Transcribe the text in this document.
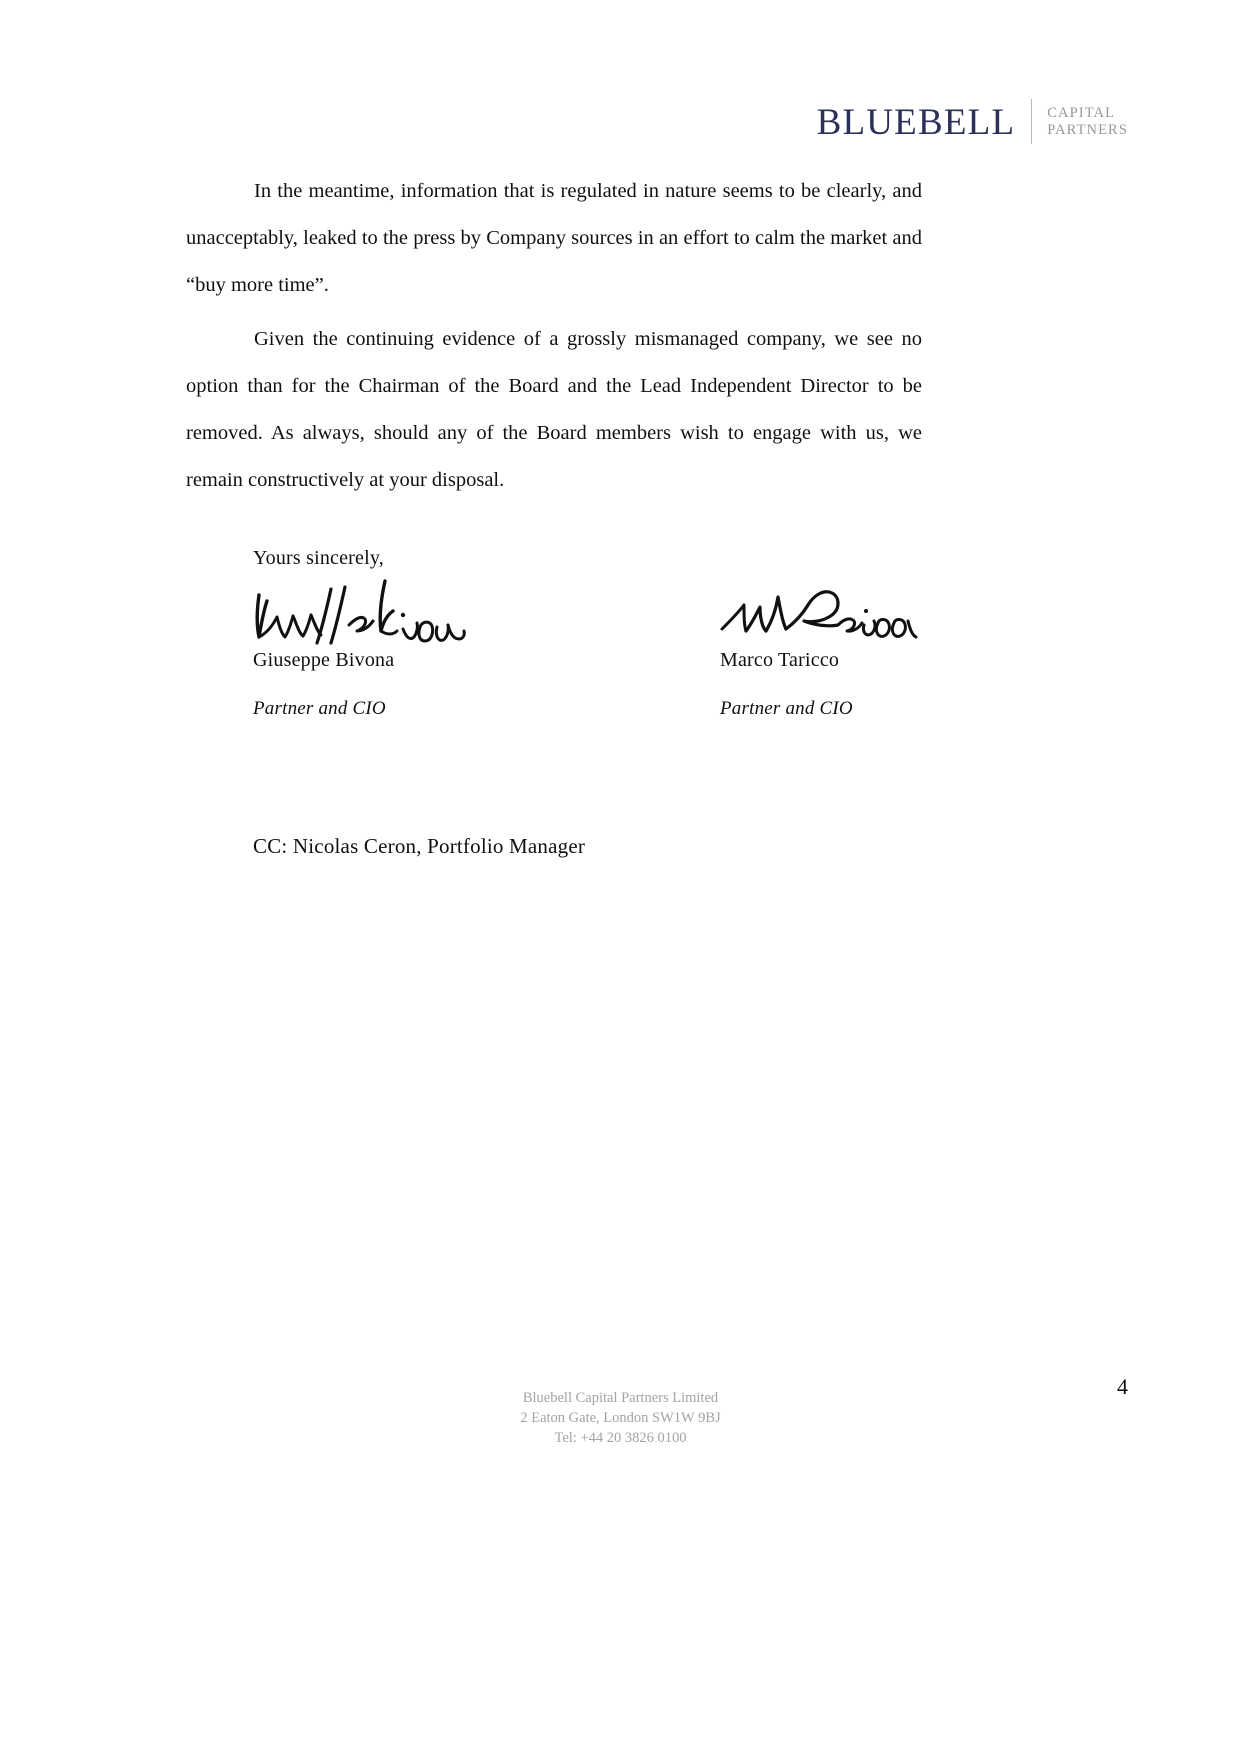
BLUEBELL	CAPITAL
PARTNERS

In the meantime, information that is regulated in nature seems to be clearly, and unacceptably, leaked to the press by Company sources in an effort to calm the market and “buy more time”.

Given the continuing evidence of a grossly mismanaged company, we see no option than for the Chairman of the Board and the Lead Independent Director to be removed. As always, should any of the Board members wish to engage with us, we remain constructively at your disposal.

Yours sincerely,
Giuseppe Bivona
Partner and CIO
Marco Taricco
Partner and CIO
CC: Nicolas Ceron, Portfolio Manager
4
Bluebell Capital Partners Limited
2 Eaton Gate, London SW1W 9BJ
Tel: +44 20 3826 0100
